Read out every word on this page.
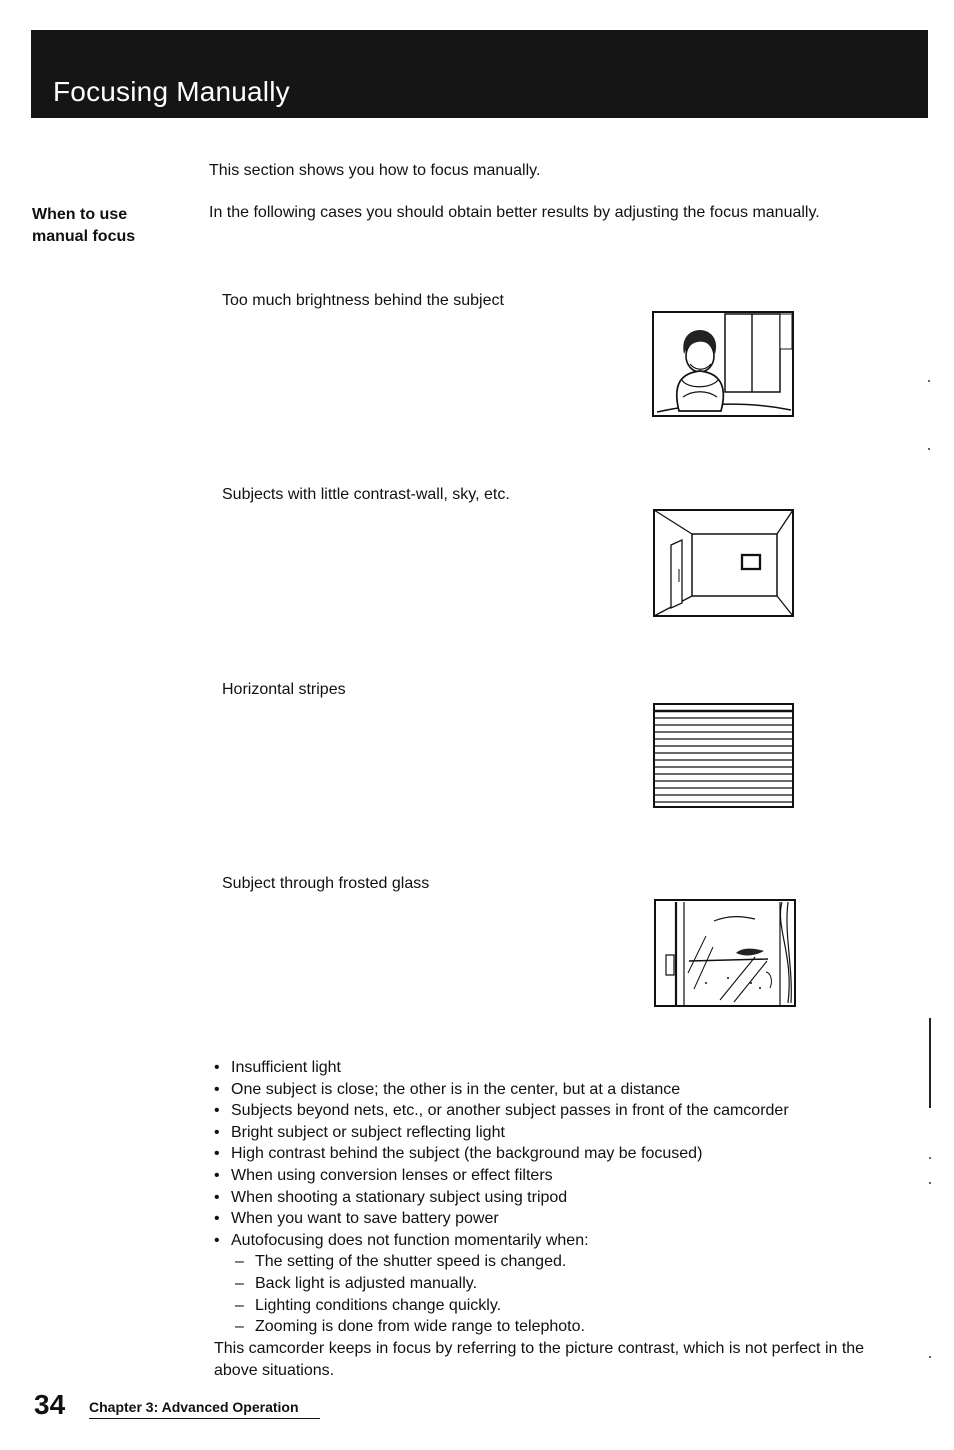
Focusing Manually
When to use
manual focus
This section shows you how to focus manually.
In the following cases you should obtain better results by adjusting the focus manually.
Too much brightness behind the subject
Subjects with little contrast-wall, sky, etc.
Horizontal stripes
Subject through frosted glass
• Insufficient light
• One subject is close; the other is in the center, but at a distance
• Subjects beyond nets, etc., or another subject passes in front of the camcorder
• Bright subject or subject reflecting light
• High contrast behind the subject (the background may be focused)
• When using conversion lenses or effect filters
• When shooting a stationary subject using tripod
• When you want to save battery power
• Autofocusing does not function momentarily when:
– The setting of the shutter speed is changed.
– Back light is adjusted manually.
– Lighting conditions change quickly.
– Zooming is done from wide range to telephoto.
This camcorder keeps in focus by referring to the picture contrast, which is not perfect in the above situations.
34 Chapter 3: Advanced Operation
